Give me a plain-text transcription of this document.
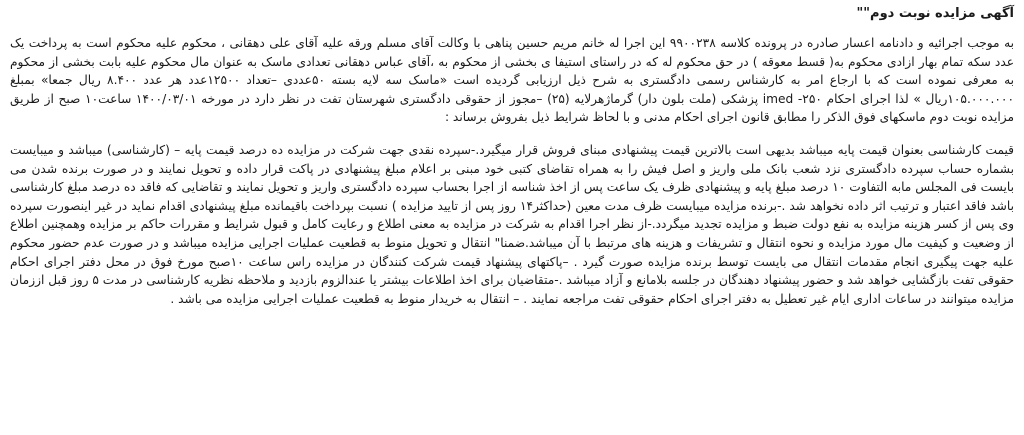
آگهی مزایده نوبت دوم""

به موجب اجرائیه و دادنامه اعسار صادره در پرونده کلاسه ۹۹۰۰۲۳۸ این اجرا له خانم مریم حسین پناهی با وکالت آقای مسلم ورقه علیه آقای علی دهقانی ، محکوم علیه محکوم است به پرداخت یک عدد سکه تمام بهار ازادی محکوم به( قسط معوقه ) در حق محکوم له که در راستای استیفا ی بخشی از محکوم به ،آقای عباس دهقانی تعدادی ماسک به عنوان مال محکوم علیه بابت بخشی از محکوم به معرفی نموده است که با ارجاع امر به کارشناس رسمی دادگستری به شرح ذیل ارزیابی گردیده است «ماسک سه لایه بسته ۵۰عددی –تعداد ۱۲۵۰۰عدد هر عدد ۸.۴۰۰ ریال جمعا» بمبلغ ۱۰۵.۰۰۰.۰۰۰ریال » لذا اجرای احکام ۲۵۰- imed پزشکی (ملت بلون دار) گرماژهرلایه (۲۵) –مجوز از حقوقی دادگستری شهرستان تفت در نظر دارد در مورخه ۱۴۰۰/۰۳/۰۱ ساعت۱۰ صبح از طریق مزایده نوبت دوم ماسکهای فوق الذکر را مطابق قانون اجرای احکام مدنی و با لحاظ شرایط ذیل بفروش برساند :

قیمت کارشناسی بعنوان قیمت پایه میباشد بدیهی است بالاترین قیمت پیشنهادی مبنای فروش قرار میگیرد.-سپرده نقدی جهت شرکت در مزایده ده درصد قیمت پایه – (کارشناسی) میباشد و میبایست بشماره حساب سپرده دادگستری نزد شعب بانک ملی واریز و اصل فیش را به همراه تقاضای کتبی خود مبنی بر اعلام مبلغ پیشنهادی در پاکت قرار داده و تحویل نمایند و در صورت برنده شدن می بایست فی المجلس مابه التفاوت ۱۰ درصد مبلغ پایه و پیشنهادی ظرف یک ساعت پس از اخذ شناسه از اجرا بحساب سپرده دادگستری واریز و تحویل نمایند و تقاضایی که فاقد ده درصد مبلغ کارشناسی باشد فاقد اعتبار و ترتیب اثر داده نخواهد شد .-برنده مزایده میبایست ظرف مدت معین (حداکثر۱۴ روز پس از تایید مزایده ) نسبت بپرداخت باقیمانده مبلغ پیشنهادی اقدام نماید در غیر اینصورت سپرده وی پس از کسر هزینه مزایده به نفع دولت ضبط و مزایده تجدید میگردد.-از نظر اجرا اقدام به شرکت در مزایده به معنی اطلاع و رعایت کامل و قبول شرایط و مقررات حاکم بر مزایده وهمچنین اطلاع از وضعیت و کیفیت مال مورد مزایده و نحوه انتقال و تشریفات و هزینه های مرتبط با آن میباشد.ضمنا" انتقال و تحویل منوط به قطعیت عملیات اجرایی مزایده میباشد و در صورت عدم حضور محکوم علیه جهت پیگیری انجام مقدمات انتقال می بایست توسط برنده مزایده صورت گیرد . –پاکتهای پیشنهاد قیمت شرکت کنندگان در مزایده راس ساعت ۱۰صبح مورخ فوق در محل دفتر اجرای احکام حقوقی تفت بازگشایی خواهد شد و حضور پیشنهاد دهندگان در جلسه بلامانع و آزاد میباشد .-متقاضیان برای اخذ اطلاعات بیشتر یا عندالزوم بازدید و ملاحظه نظریه کارشناسی در مدت ۵ روز قبل اززمان مزایده میتوانند در ساعات اداری ایام غیر تعطیل به دفتر اجرای احکام حقوقی تفت مراجعه نمایند . – انتقال به خریدار منوط به قطعیت عملیات اجرایی مزایده می باشد .
